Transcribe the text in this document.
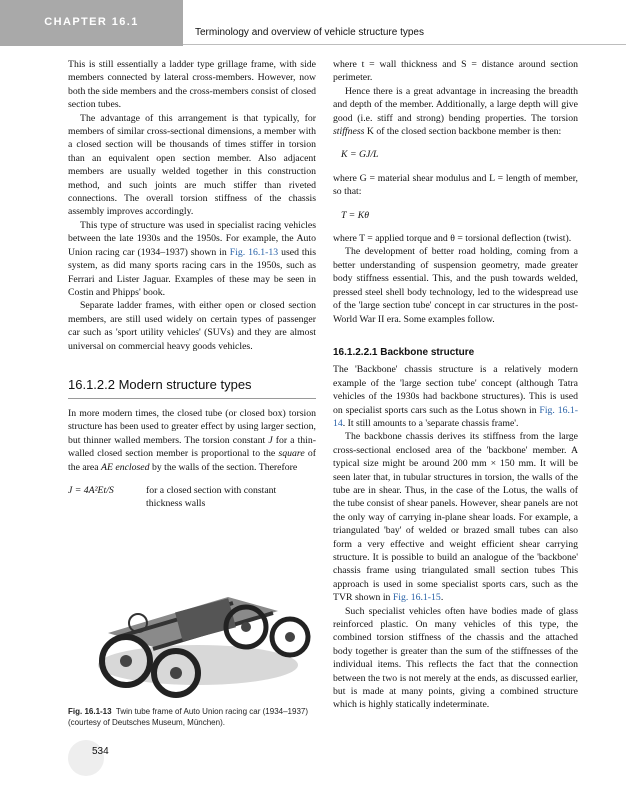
CHAPTER 16.1
Terminology and overview of vehicle structure types

This is still essentially a ladder type grillage frame, with side members connected by lateral cross-members. However, now both the side members and the cross-members consist of closed section tubes.

The advantage of this arrangement is that typically, for members of similar cross-sectional dimensions, a member with a closed section will be thousands of times stiffer in torsion than an equivalent open section member. Also adjacent members are usually welded together in this construction method, and such joints are much stiffer than riveted connections. The overall torsion stiffness of the chassis assembly improves accordingly.

This type of structure was used in specialist racing vehicles between the late 1930s and the 1950s. For example, the Auto Union racing car (1934–1937) shown in Fig. 16.1-13 used this system, as did many sports racing cars in the 1950s, such as Ferrari and Lister Jaguar. Examples of these may be seen in Costin and Phipps' book.

Separate ladder frames, with either open or closed section members, are still used widely on certain types of passenger car such as 'sport utility vehicles' (SUVs) and they are almost universal on commercial heavy goods vehicles.

16.1.2.2 Modern structure types

In more modern times, the closed tube (or closed box) torsion structure has been used to greater effect by using larger section, but thinner walled members. The torsion constant J for a thin-walled closed section member is proportional to the square of the area AE enclosed by the walls of the section. Therefore

J = 4A²Et/S	for a closed section with constant thickness walls
Fig. 16.1-13 Twin tube frame of Auto Union racing car (1934–1937) (courtesy of Deutsches Museum, München).

where t = wall thickness and S = distance around section perimeter.

Hence there is a great advantage in increasing the breadth and depth of the member. Additionally, a large depth will give good (i.e. stiff and strong) bending properties. The torsion stiffness K of the closed section backbone member is then:

K = GJ/L

where G = material shear modulus and L = length of member, so that:

T = Kθ

where T = applied torque and θ = torsional deflection (twist).

The development of better road holding, coming from a better understanding of suspension geometry, made greater body stiffness essential. This, and the push towards welded, pressed steel shell body technology, led to the widespread use of the 'large section tube' concept in car structures in the post-World War II era. Some examples follow.

16.1.2.2.1 Backbone structure

The 'Backbone' chassis structure is a relatively modern example of the 'large section tube' concept (although Tatra vehicles of the 1930s had backbone structures). This is used on specialist sports cars such as the Lotus shown in Fig. 16.1-14. It still amounts to a 'separate chassis frame'.

The backbone chassis derives its stiffness from the large cross-sectional enclosed area of the 'backbone' member. A typical size might be around 200 mm × 150 mm. It will be seen later that, in tubular structures in torsion, the walls of the tube are in shear. Thus, in the case of the Lotus, the walls of the tube consist of shear panels. However, shear panels are not the only way of carrying in-plane shear loads. For example, a triangulated 'bay' of welded or brazed small tubes can also form a very effective and weight efficient shear carrying structure. It is possible to build an analogue of the 'backbone' chassis frame using triangulated small section tubes This approach is used in some specialist sports cars, such as the TVR shown in Fig. 16.1-15.

Such specialist vehicles often have bodies made of glass reinforced plastic. On many vehicles of this type, the combined torsion stiffness of the chassis and the attached body together is greater than the sum of the stiffnesses of the individual items. This reflects the fact that the connection between the two is not merely at the ends, as discussed earlier, but is made at many points, giving a combined structure which is highly statically indeterminate.

534
